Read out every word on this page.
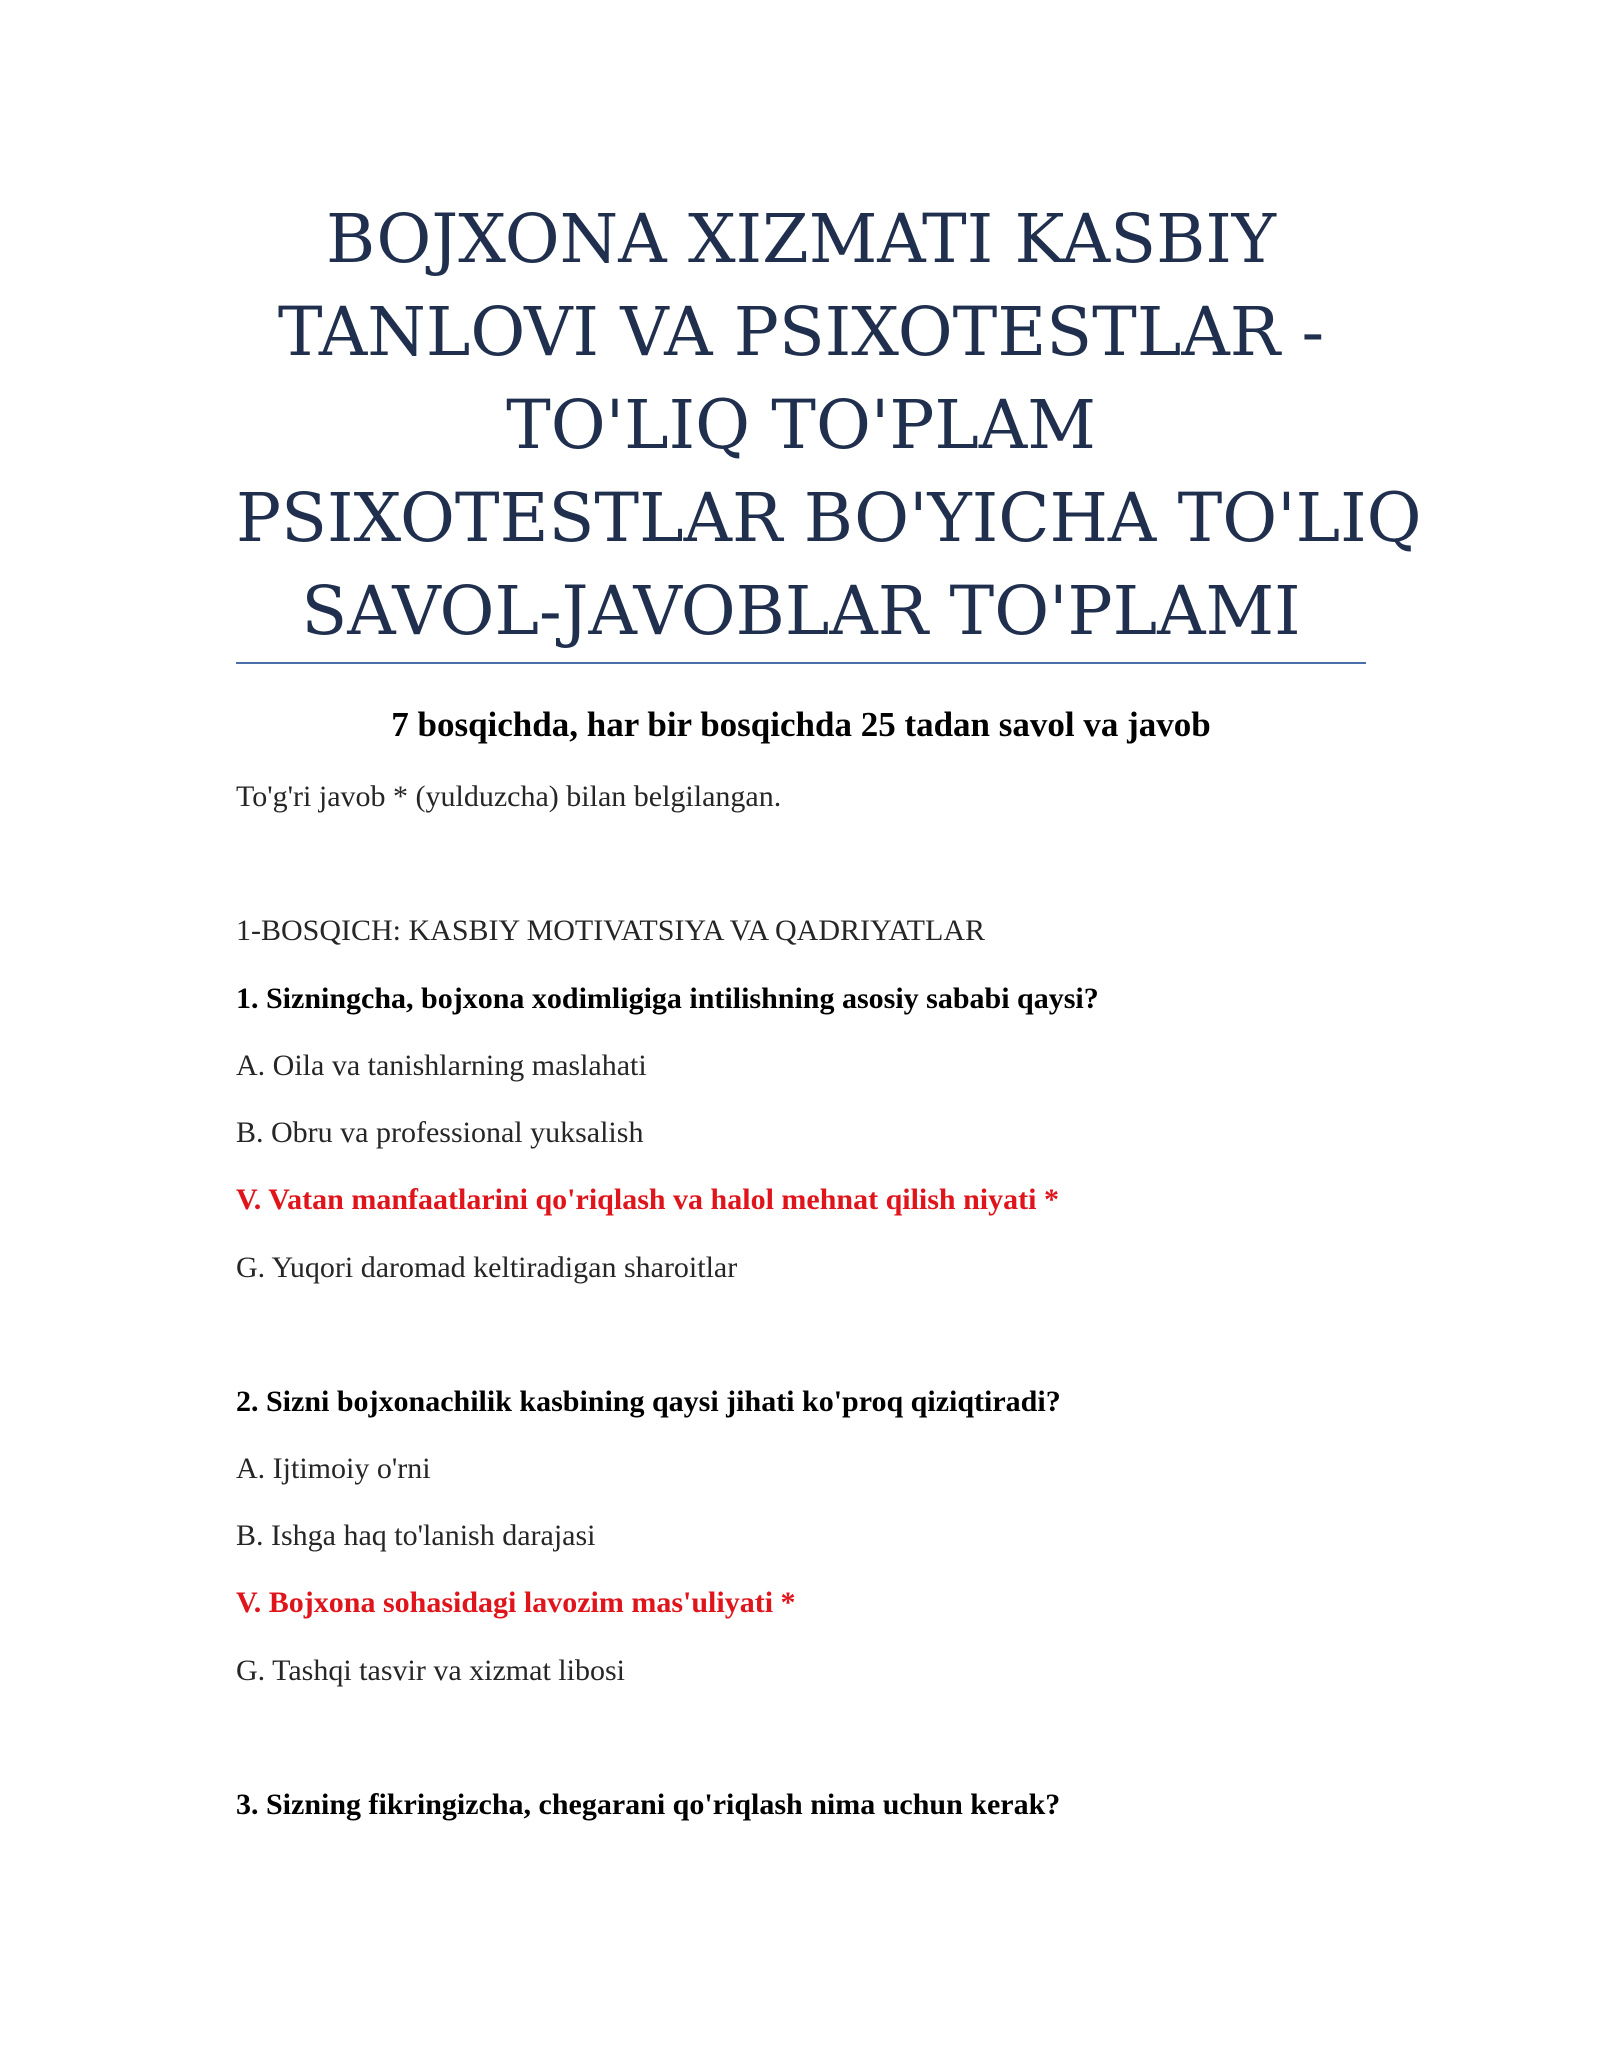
BOJXONA XIZMATI KASBIY
TANLOVI VA PSIXOTESTLAR -
TO'LIQ TO'PLAM
PSIXOTESTLAR BO'YICHA TO'LIQ
SAVOL-JAVOBLAR TO'PLAMI

7 bosqichda, har bir bosqichda 25 tadan savol va javob

To'g'ri javob * (yulduzcha) bilan belgilangan.

1-BOSQICH: KASBIY MOTIVATSIYA VA QADRIYATLAR

1. Sizningcha, bojxona xodimligiga intilishning asosiy sababi qaysi?

A. Oila va tanishlarning maslahati

B. Obru va professional yuksalish

V. Vatan manfaatlarini qo'riqlash va halol mehnat qilish niyati *

G. Yuqori daromad keltiradigan sharoitlar

2. Sizni bojxonachilik kasbining qaysi jihati ko'proq qiziqtiradi?

A. Ijtimoiy o'rni

B. Ishga haq to'lanish darajasi

V. Bojxona sohasidagi lavozim mas'uliyati *

G. Tashqi tasvir va xizmat libosi

3. Sizning fikringizcha, chegarani qo'riqlash nima uchun kerak?
